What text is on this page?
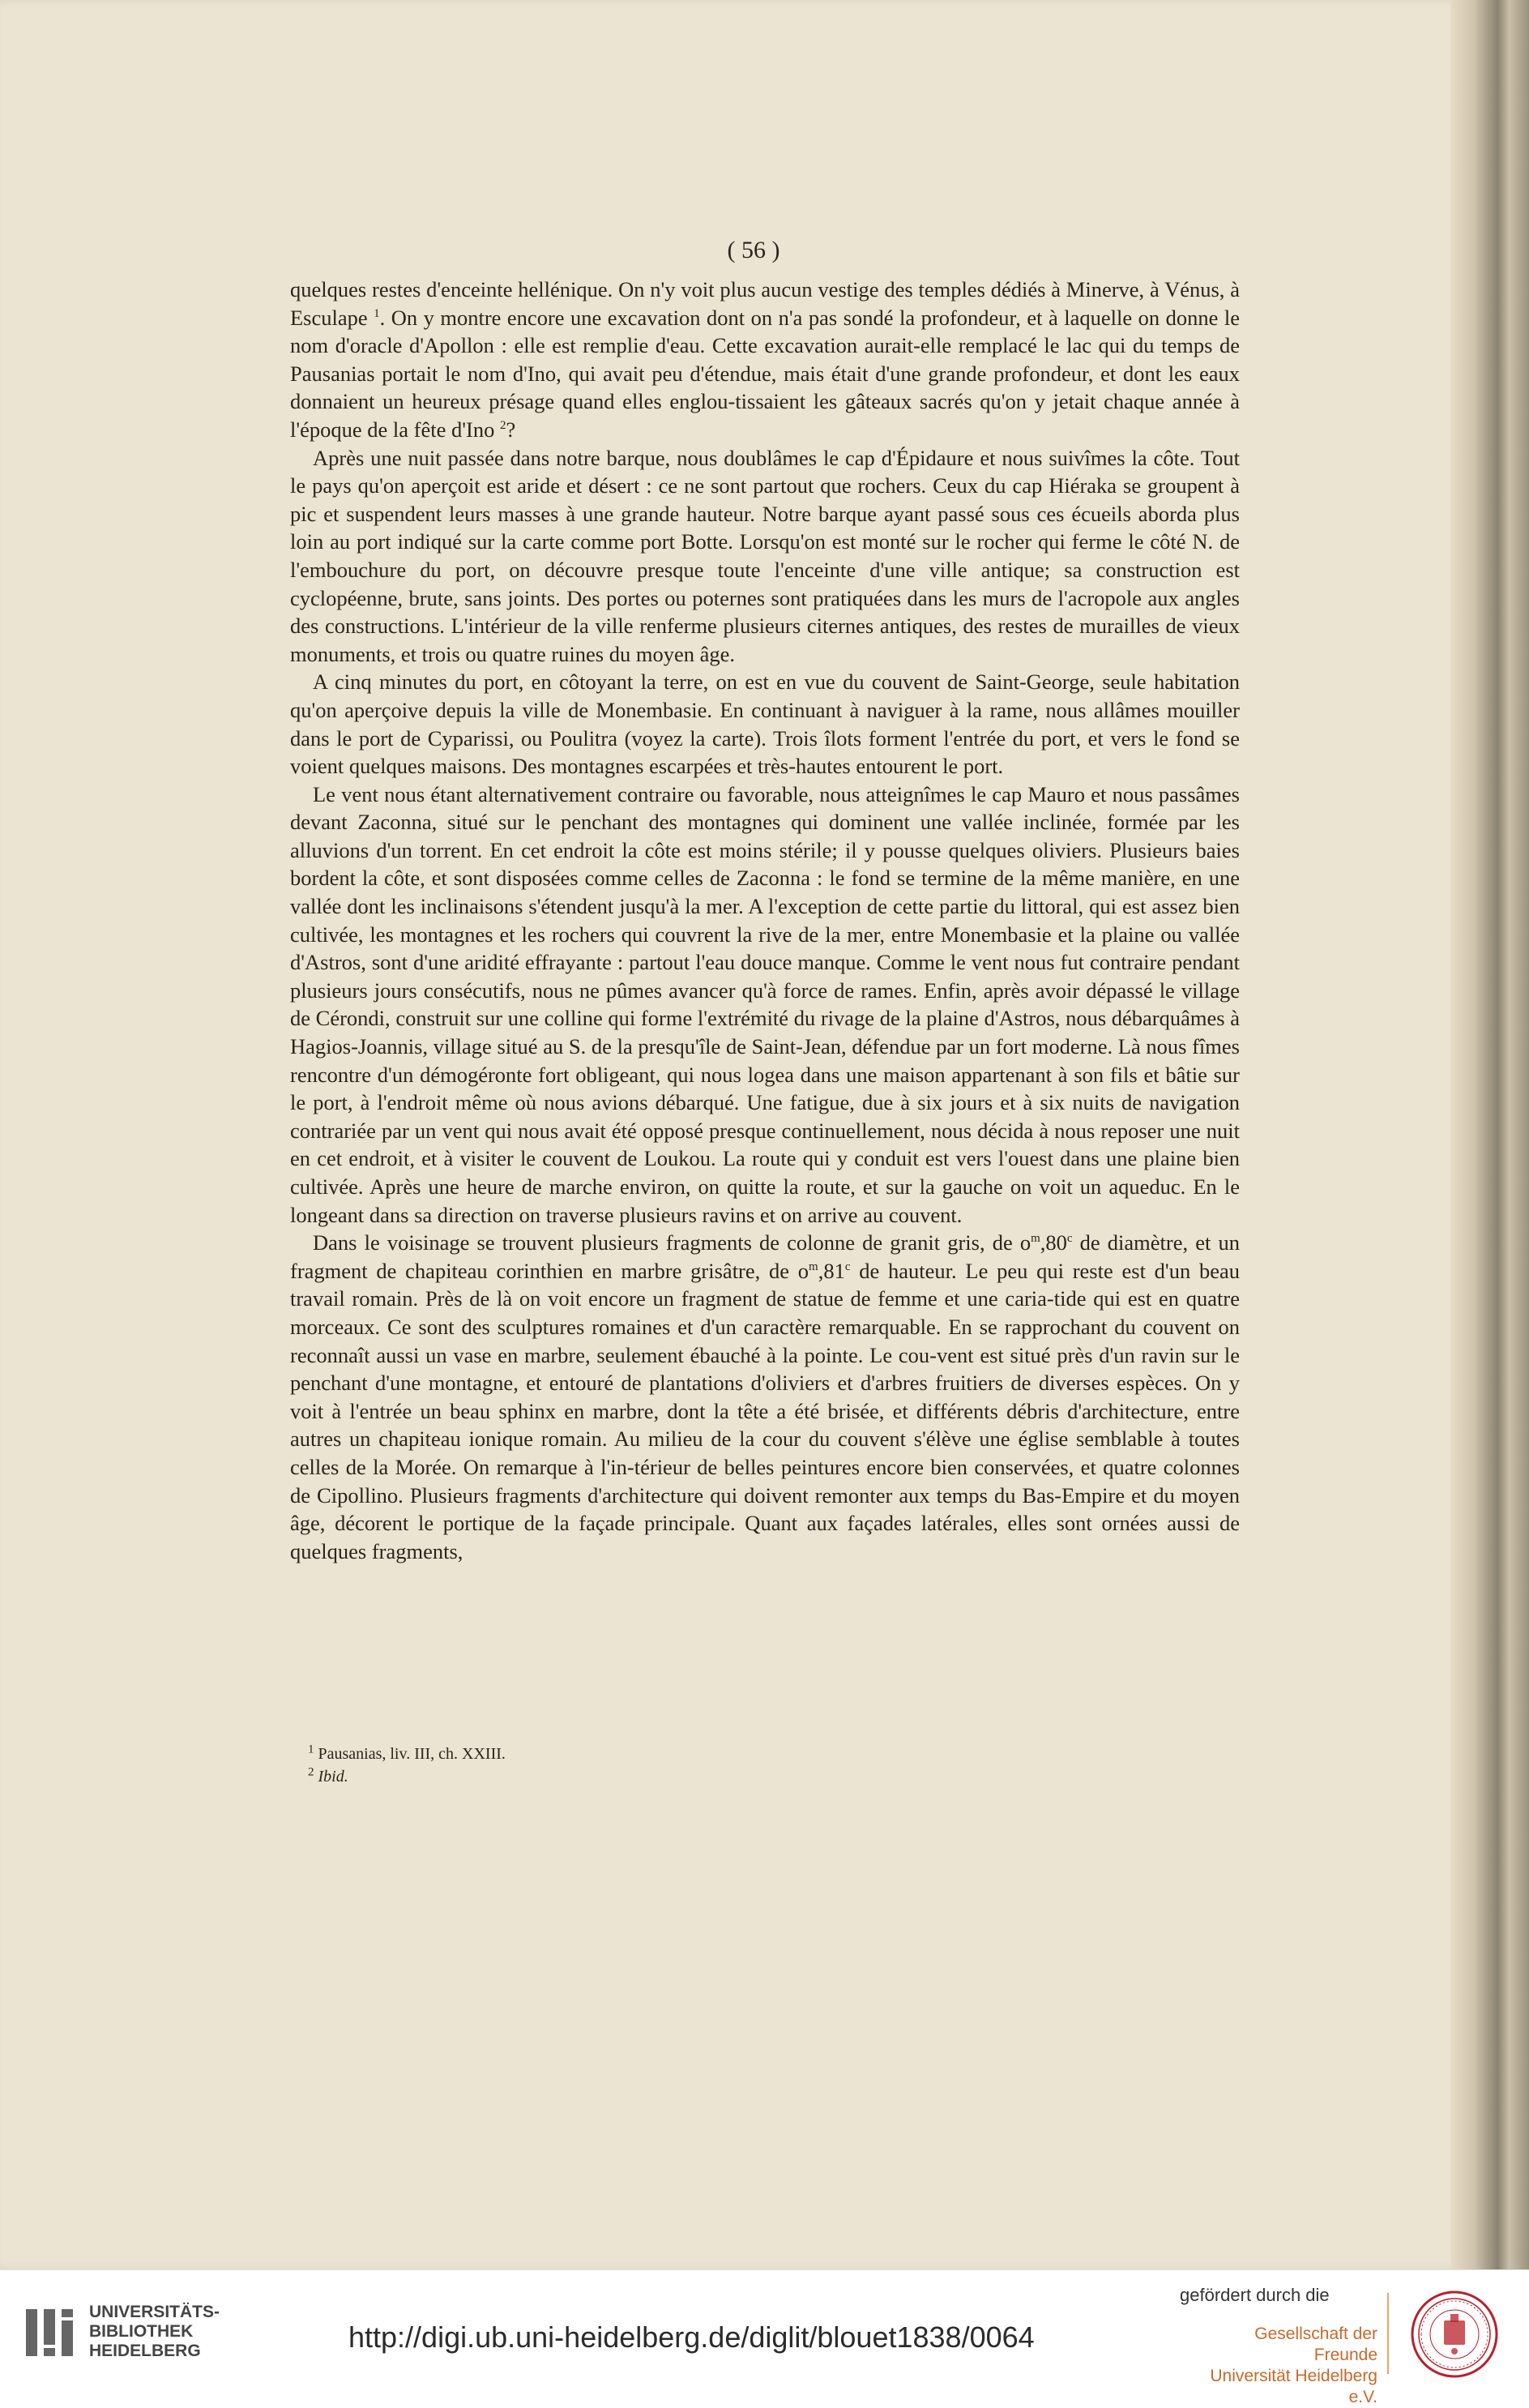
( 56 )

quelques restes d'enceinte hellénique. On n'y voit plus aucun vestige des temples dédiés à Minerve, à Vénus, à Esculape $^1$. On y montre encore une excavation dont on n'a pas sondé la profondeur, et à laquelle on donne le nom d'oracle d'Apollon : elle est remplie d'eau. Cette excavation aurait-elle remplacé le lac qui du temps de Pausanias portait le nom d'Ino, qui avait peu d'étendue, mais était d'une grande profondeur, et dont les eaux donnaient un heureux présage quand elles englou-tissaient les gâteaux sacrés qu'on y jetait chaque année à l'époque de la fête d'Ino $^2$?

Après une nuit passée dans notre barque, nous doublâmes le cap d'Épidaure et nous suivîmes la côte. Tout le pays qu'on aperçoit est aride et désert : ce ne sont partout que rochers. Ceux du cap Hiéraka se groupent à pic et suspendent leurs masses à une grande hauteur. Notre barque ayant passé sous ces écueils aborda plus loin au port indiqué sur la carte comme port Botte. Lorsqu'on est monté sur le rocher qui ferme le côté N. de l'embouchure du port, on découvre presque toute l'enceinte d'une ville antique; sa construction est cyclopéenne, brute, sans joints. Des portes ou poternes sont pratiquées dans les murs de l'acropole aux angles des constructions. L'intérieur de la ville renferme plusieurs citernes antiques, des restes de murailles de vieux monuments, et trois ou quatre ruines du moyen âge.

A cinq minutes du port, en côtoyant la terre, on est en vue du couvent de Saint-George, seule habitation qu'on aperçoive depuis la ville de Monembasie. En continuant à naviguer à la rame, nous allâmes mouiller dans le port de Cyparissi, ou Poulitra (voyez la carte). Trois îlots forment l'entrée du port, et vers le fond se voient quelques maisons. Des montagnes escarpées et très-hautes entourent le port.

Le vent nous étant alternativement contraire ou favorable, nous atteignîmes le cap Mauro et nous passâmes devant Zaconna, situé sur le penchant des montagnes qui dominent une vallée inclinée, formée par les alluvions d'un torrent. En cet endroit la côte est moins stérile; il y pousse quelques oliviers. Plusieurs baies bordent la côte, et sont disposées comme celles de Zaconna : le fond se termine de la même manière, en une vallée dont les inclinaisons s'étendent jusqu'à la mer. A l'exception de cette partie du littoral, qui est assez bien cultivée, les montagnes et les rochers qui couvrent la rive de la mer, entre Monembasie et la plaine ou vallée d'Astros, sont d'une aridité effrayante : partout l'eau douce manque. Comme le vent nous fut contraire pendant plusieurs jours consécutifs, nous ne pûmes avancer qu'à force de rames. Enfin, après avoir dépassé le village de Cérondi, construit sur une colline qui forme l'extrémité du rivage de la plaine d'Astros, nous débarquâmes à Hagios-Joannis, village situé au S. de la presqu'île de Saint-Jean, défendue par un fort moderne. Là nous fîmes rencontre d'un démogéronte fort obligeant, qui nous logea dans une maison appartenant à son fils et bâtie sur le port, à l'endroit même où nous avions débarqué. Une fatigue, due à six jours et à six nuits de navigation contrariée par un vent qui nous avait été opposé presque continuellement, nous décida à nous reposer une nuit en cet endroit, et à visiter le couvent de Loukou. La route qui y conduit est vers l'ouest dans une plaine bien cultivée. Après une heure de marche environ, on quitte la route, et sur la gauche on voit un aqueduc. En le longeant dans sa direction on traverse plusieurs ravins et on arrive au couvent.

Dans le voisinage se trouvent plusieurs fragments de colonne de granit gris, de $o^m,80^c$ de diamètre, et un fragment de chapiteau corinthien en marbre grisâtre, de $o^m,81^c$ de hauteur. Le peu qui reste est d'un beau travail romain. Près de là on voit encore un fragment de statue de femme et une caria-tide qui est en quatre morceaux. Ce sont des sculptures romaines et d'un caractère remarquable. En se rapprochant du couvent on reconnaît aussi un vase en marbre, seulement ébauché à la pointe. Le cou-vent est situé près d'un ravin sur le penchant d'une montagne, et entouré de plantations d'oliviers et d'arbres fruitiers de diverses espèces. On y voit à l'entrée un beau sphinx en marbre, dont la tête a été brisée, et différents débris d'architecture, entre autres un chapiteau ionique romain. Au milieu de la cour du couvent s'élève une église semblable à toutes celles de la Morée. On remarque à l'in-térieur de belles peintures encore bien conservées, et quatre colonnes de Cipollino. Plusieurs fragments d'architecture qui doivent remonter aux temps du Bas-Empire et du moyen âge, décorent le portique de la façade principale. Quant aux façades latérales, elles sont ornées aussi de quelques fragments,

$^1$ Pausanias, liv. III, ch. XXIII.
$^2$ Ibid.
UNIVERSITÄTS-
BIBLIOTHEK
HEIDELBERG	http://digi.ub.uni-heidelberg.de/diglit/blouet1838/0064
gefördert durch die
Gesellschaft der Freunde
Universität Heidelberg e.V.
